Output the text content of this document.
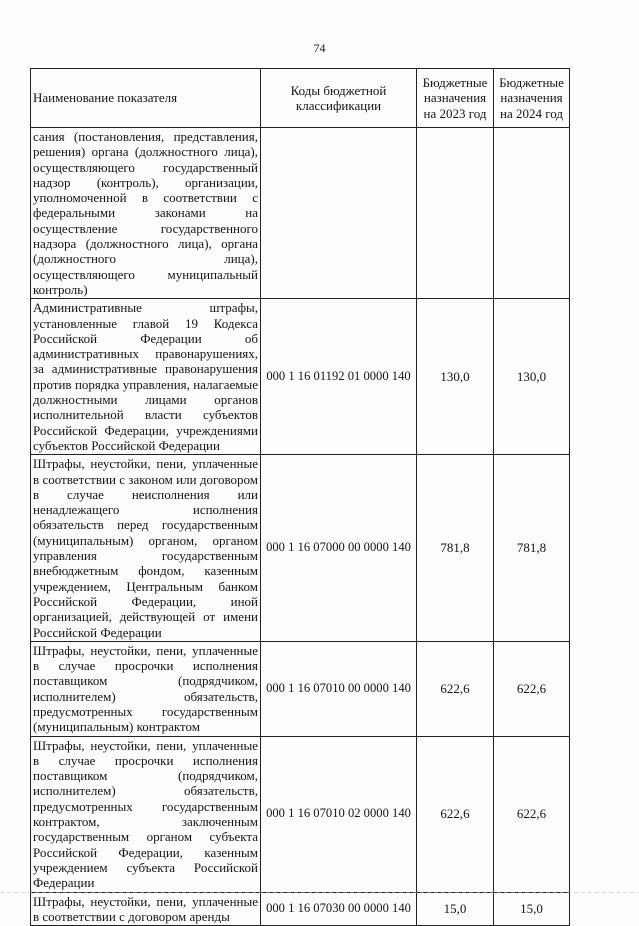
74
Наименование показателя	Коды бюджетной классификации	Бюджетные назначения на 2023 год	Бюджетные назначения на 2024 год
сания (постановления, представления, решения) органа (должностного лица), осуществляющего государственный надзор (контроль), организации, уполномоченной в соответствии с федеральными законами на осуществление государственного надзора (должностного лица), органа (должностного лица), осуществляющего муниципальный контроль)			
Административные штрафы, установленные главой 19 Кодекса Российской Федерации об административных правонарушениях, за административные правонарушения против порядка управления, налагаемые должностными лицами органов исполнительной власти субъектов Российской Федерации, учреждениями субъектов Российской Федерации	000 1 16 01192 01 0000 140	130,0	130,0
Штрафы, неустойки, пени, уплаченные в соответствии с законом или договором в случае неисполнения или ненадлежащего исполнения обязательств перед государственным (муниципальным) органом, органом управления государственным внебюджетным фондом, казенным учреждением, Центральным банком Российской Федерации, иной организацией, действующей от имени Российской Федерации	000 1 16 07000 00 0000 140	781,8	781,8
Штрафы, неустойки, пени, уплаченные в случае просрочки исполнения поставщиком (подрядчиком, исполнителем) обязательств, предусмотренных государственным (муниципальным) контрактом	000 1 16 07010 00 0000 140	622,6	622,6
Штрафы, неустойки, пени, уплаченные в случае просрочки исполнения поставщиком (подрядчиком, исполнителем) обязательств, предусмотренных государственным контрактом, заключенным государственным органом субъекта Российской Федерации, казенным учреждением субъекта Российской Федерации	000 1 16 07010 02 0000 140	622,6	622,6
Штрафы, неустойки, пени, уплаченные в соответствии с договором аренды	000 1 16 07030 00 0000 140	15,0	15,0
